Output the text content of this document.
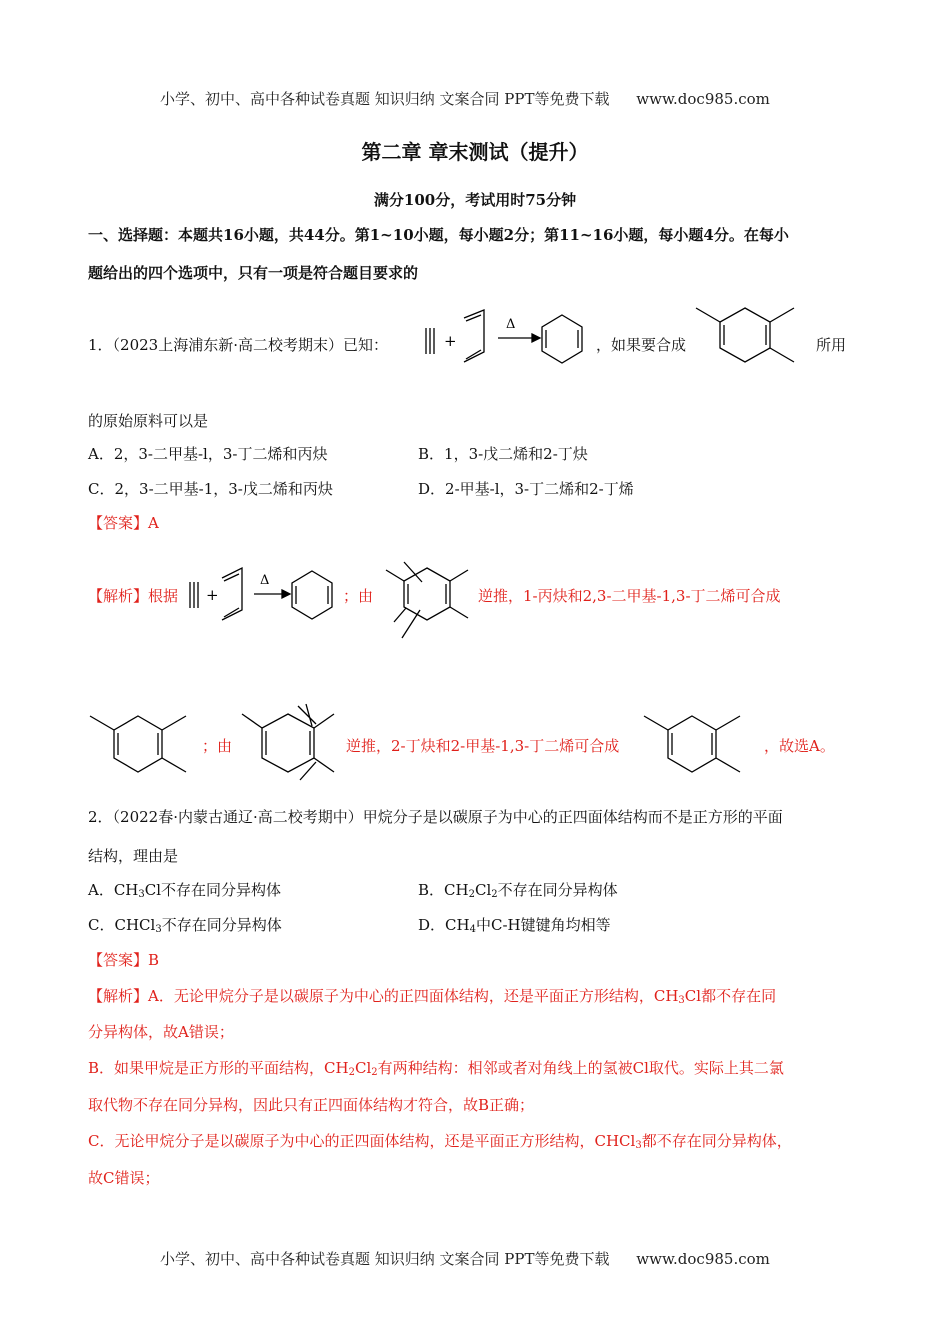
小学、初中、高中各种试卷真题 知识归纳 文案合同 PPT等免费下载 www.doc985.com
第二章 章末测试（提升）
满分100分，考试用时75分钟
一、选择题：本题共16小题，共44分。第1~10小题，每小题2分；第11~16小题，每小题4分。在每小
题给出的四个选项中，只有一项是符合题目要求的
1．（2023上海浦东新·高二校考期末）已知：	+
Δ
，如果要合成	所用
的原始原料可以是
A．2，3-二甲基-l，3-丁二烯和丙炔	B．1，3-戊二烯和2-丁炔
C．2，3-二甲基-1，3-戊二烯和丙炔	D．2-甲基-l，3-丁二烯和2-丁烯
【答案】A
【解析】根据 +
Δ
；由	逆推，1-丙炔和2,3-二甲基-1,3-丁二烯可合成
；由	逆推，2-丁炔和2-甲基-1,3-丁二烯可合成	，故选A。
2．（2022春·内蒙古通辽·高二校考期中）甲烷分子是以碳原子为中心的正四面体结构而不是正方形的平面
结构，理由是
A．$CH_3Cl$不存在同分异构体	B．$CH_2Cl_2$不存在同分异构体
C．CHCl$_3$不存在同分异构体	D．$CH_4$中C-H键键角均相等
【答案】B
【解析】A．无论甲烷分子是以碳原子为中心的正四面体结构，还是平面正方形结构，$CH_3Cl$都不存在同
分异构体，故A错误；
B．如果甲烷是正方形的平面结构，$CH_2Cl_2$有两种结构：相邻或者对角线上的氢被Cl取代。实际上其二氯
取代物不存在同分异构，因此只有正四面体结构才符合，故B正确；
C．无论甲烷分子是以碳原子为中心的正四面体结构，还是平面正方形结构，CHCl$_3$都不存在同分异构体，
故C错误；
小学、初中、高中各种试卷真题 知识归纳 文案合同 PPT等免费下载 www.doc985.com
